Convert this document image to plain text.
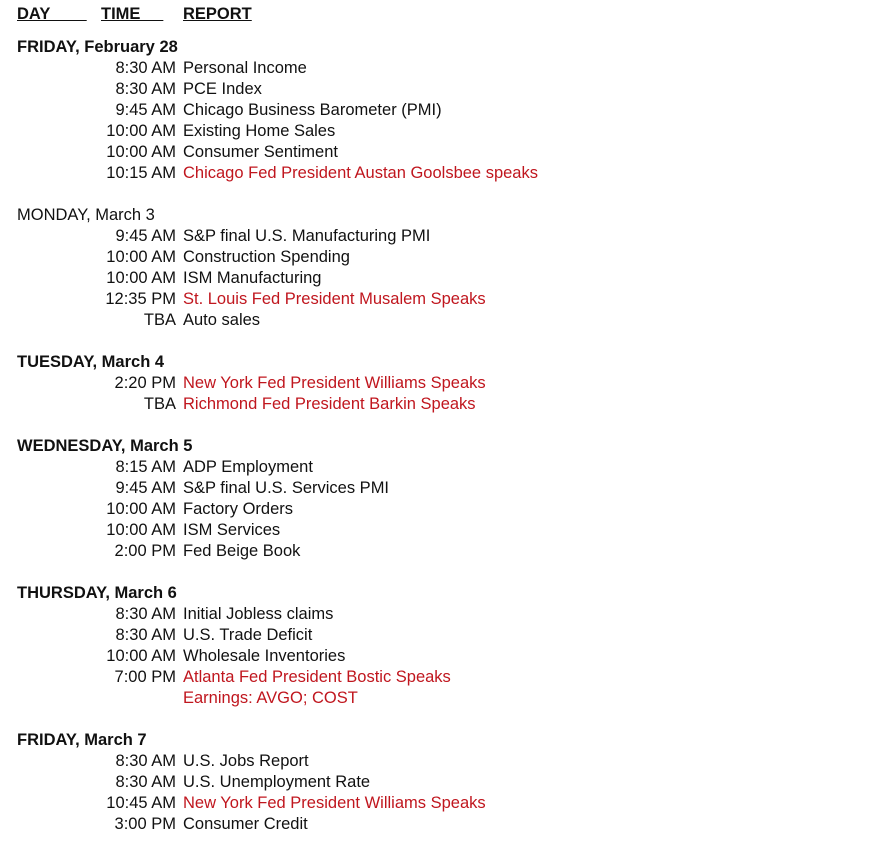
DAY TIME REPORT
FRIDAY, February 28
8:30 AM Personal Income
8:30 AM PCE Index
9:45 AM Chicago Business Barometer (PMI)
10:00 AM Existing Home Sales
10:00 AM Consumer Sentiment
10:15 AM Chicago Fed President Austan Goolsbee speaks
MONDAY, March 3
9:45 AM S&P final U.S. Manufacturing PMI
10:00 AM Construction Spending
10:00 AM ISM Manufacturing
12:35 PM St. Louis Fed President Musalem Speaks
TBA Auto sales
TUESDAY, March 4
2:20 PM New York Fed President Williams Speaks
TBA Richmond Fed President Barkin Speaks
WEDNESDAY, March 5
8:15 AM ADP Employment
9:45 AM S&P final U.S. Services PMI
10:00 AM Factory Orders
10:00 AM ISM Services
2:00 PM Fed Beige Book
THURSDAY, March 6
8:30 AM Initial Jobless claims
8:30 AM U.S. Trade Deficit
10:00 AM Wholesale Inventories
7:00 PM Atlanta Fed President Bostic Speaks
Earnings: AVGO; COST
FRIDAY, March 7
8:30 AM U.S. Jobs Report
8:30 AM U.S. Unemployment Rate
10:45 AM New York Fed President Williams Speaks
3:00 PM Consumer Credit
